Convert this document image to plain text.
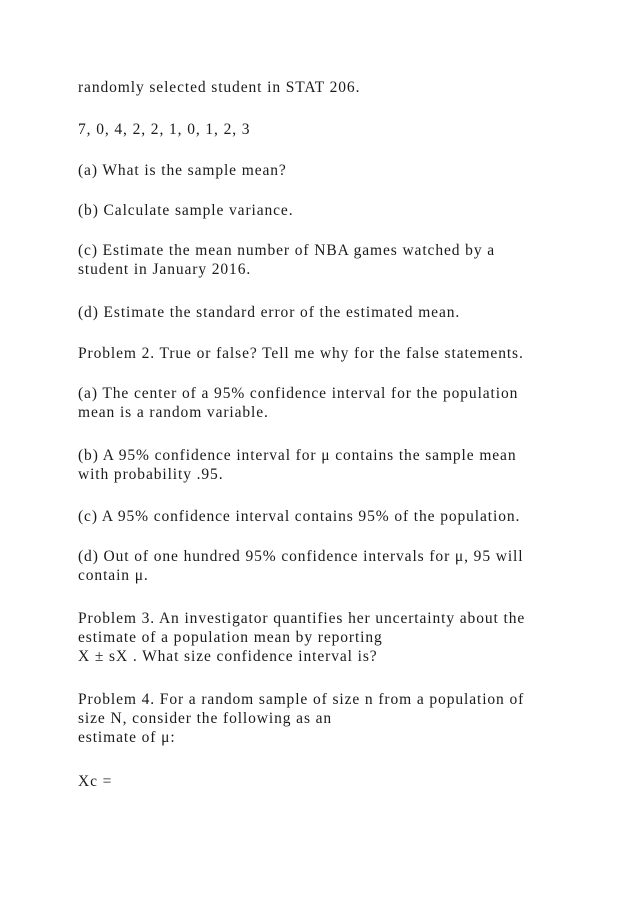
randomly selected student in STAT 206.

7, 0, 4, 2, 2, 1, 0, 1, 2, 3

(a) What is the sample mean?

(b) Calculate sample variance.

(c) Estimate the mean number of NBA games watched by a
student in January 2016.

(d) Estimate the standard error of the estimated mean.

Problem 2. True or false? Tell me why for the false statements.

(a) The center of a 95% confidence interval for the population
mean is a random variable.

(b) A 95% confidence interval for μ contains the sample mean
with probability .95.

(c) A 95% confidence interval contains 95% of the population.

(d) Out of one hundred 95% confidence intervals for μ, 95 will
contain μ.

Problem 3. An investigator quantifies her uncertainty about the
estimate of a population mean by reporting
X ± sX . What size confidence interval is?

Problem 4. For a random sample of size n from a population of
size N, consider the following as an
estimate of μ:

Xc =
